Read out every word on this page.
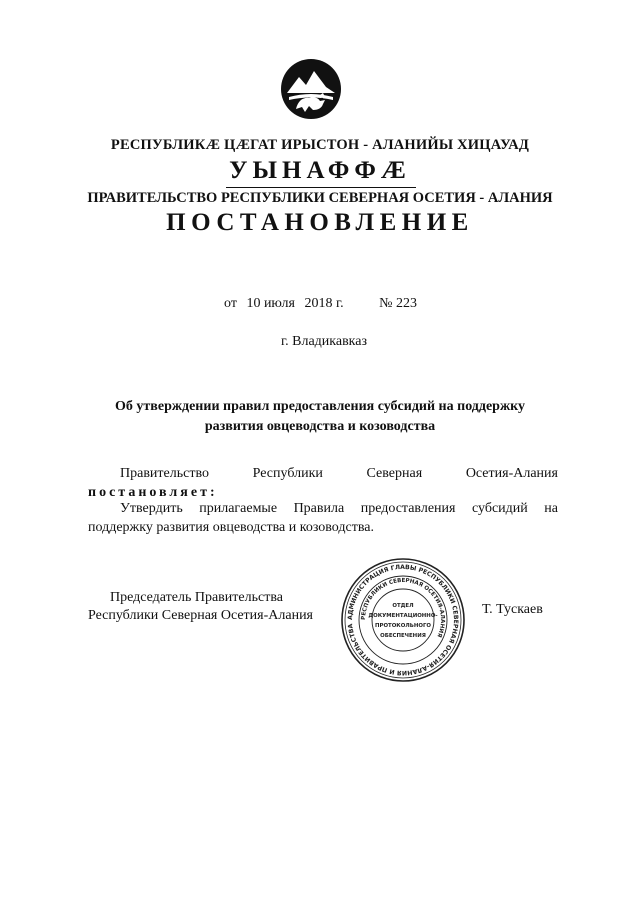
РЕСПУБЛИКÆ ЦÆГАТ ИРЫСТОН - АЛАНИЙЫ ХИЦАУАД
УЫНАФФÆ
ПРАВИТЕЛЬСТВО РЕСПУБЛИКИ СЕВЕРНАЯ ОСЕТИЯ - АЛАНИЯ
ПОСТАНОВЛЕНИЕ
от 10 июля 2018 г.	№ 223
г. Владикавказ
Об утверждении правил предоставления субсидий на поддержку
развития овцеводства и козоводства
Правительство	Республики	Северная	Осетия-Алания
постановляет:
Утвердить прилагаемые Правила предоставления субсидий на
поддержку развития овцеводства и козоводства.
Председатель Правительства
Республики Северная Осетия-Алания	АДМИНИСТРАЦИЯ ГЛАВЫ РЕСПУБЛИКИ СЕВЕРНАЯ ОСЕТИЯ-АЛАНИЯ И ПРАВИТЕЛЬСТВА
РЕСПУБЛИКИ СЕВЕРНАЯ ОСЕТИЯ-АЛАНИЯ
ОТДЕЛ
ДОКУМЕНТАЦИОННО-
ПРОТОКОЛЬНОГО
ОБЕСПЕЧЕНИЯ
Т. Тускаев
